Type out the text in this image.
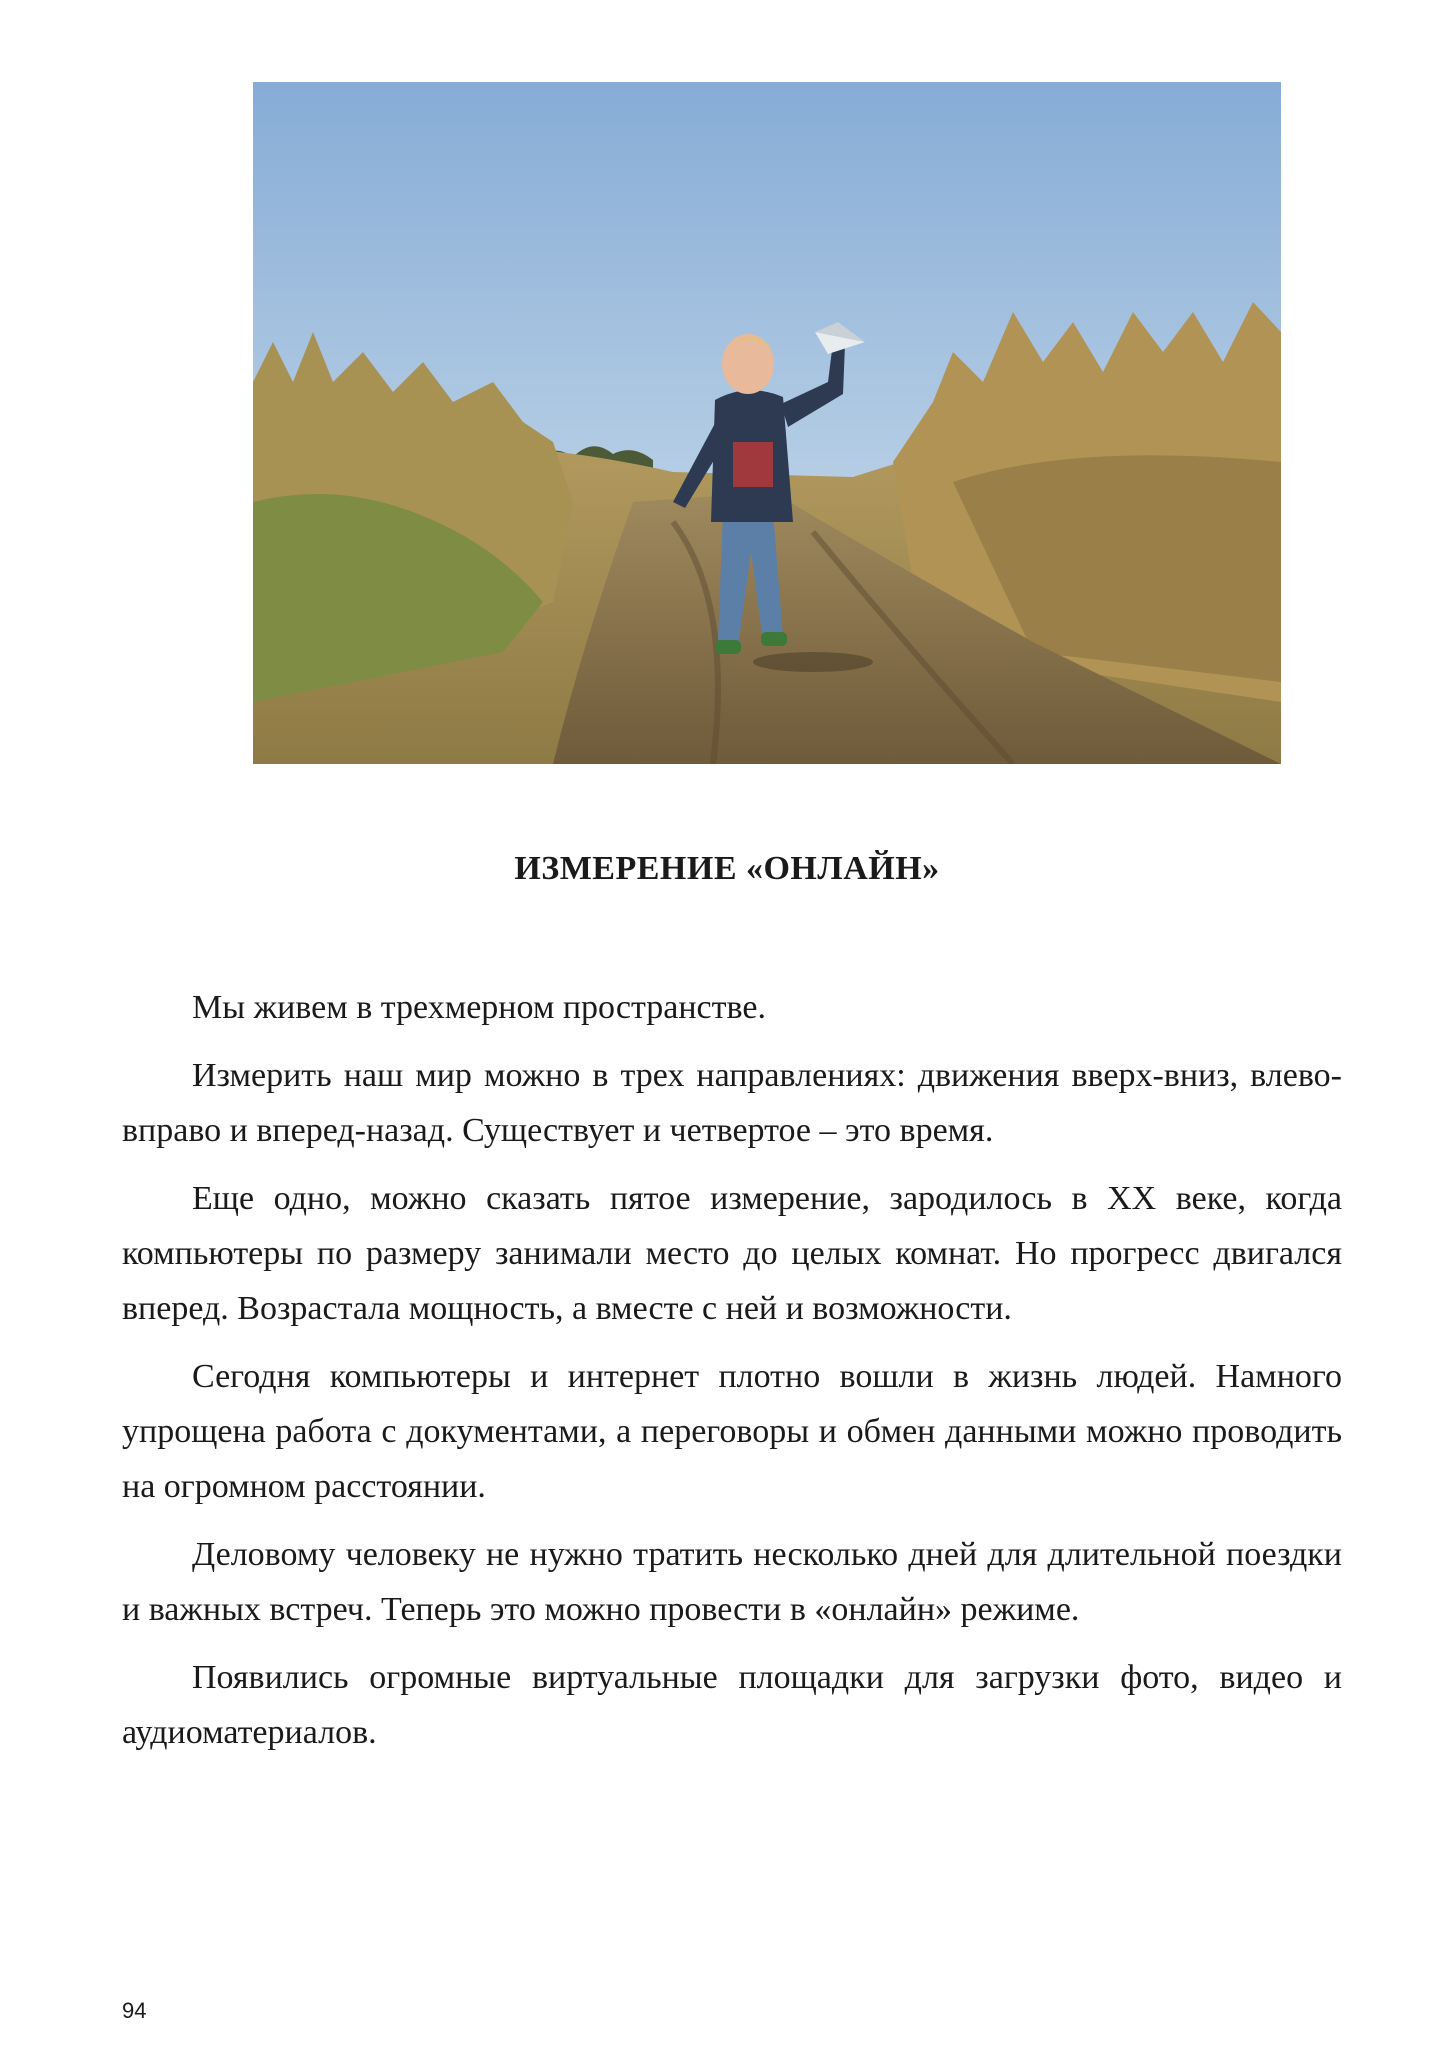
ИЗМЕРЕНИЕ «ОНЛАЙН»

Мы живем в трехмерном пространстве.

Измерить наш мир можно в трех направлениях: движения вверх-вниз, влево-вправо и вперед-назад. Существует и четвертое – это время.

Еще одно, можно сказать пятое измерение, зародилось в XX веке, когда компьютеры по размеру занимали место до целых комнат. Но прогресс двигался вперед. Возрастала мощность, а вместе с ней и возможности.

Сегодня компьютеры и интернет плотно вошли в жизнь людей. Намного упрощена работа с документами, а переговоры и обмен данными можно проводить на огромном расстоянии.

Деловому человеку не нужно тратить несколько дней для длительной поездки и важных встреч. Теперь это можно провести в «онлайн» режиме.

Появились огромные виртуальные площадки для загрузки фото, видео и аудиоматериалов.

94
